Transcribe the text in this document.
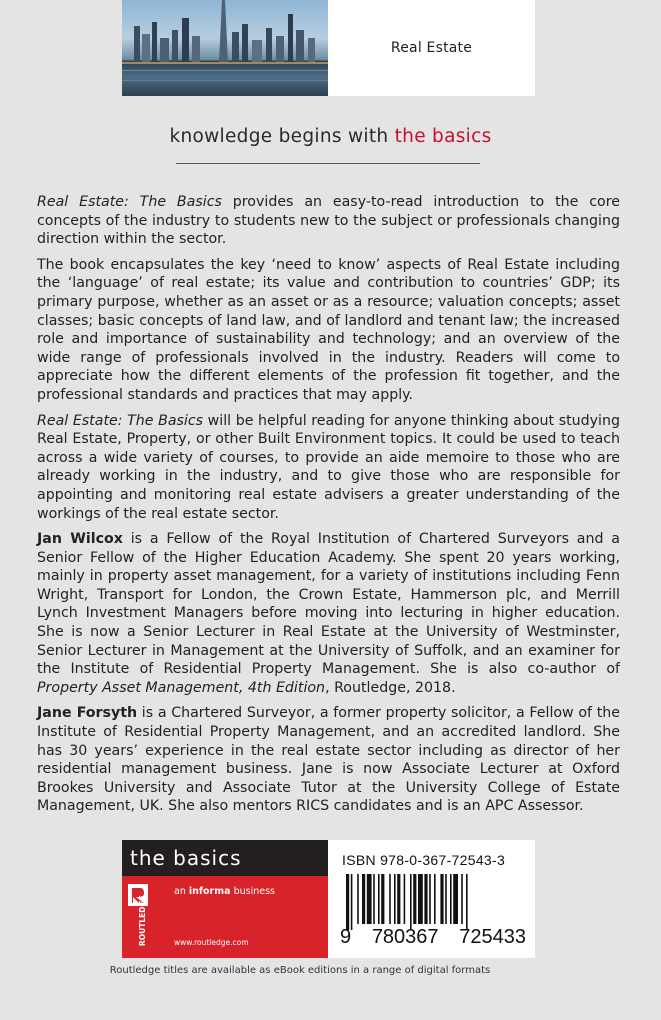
Real Estate
knowledge begins with the basics

Real Estate: The Basics provides an easy-to-read introduction to the core concepts of the industry to students new to the subject or professionals changing direction within the sector.

The book encapsulates the key ‘need to know’ aspects of Real Estate including the ‘language’ of real estate; its value and contribution to countries’ GDP; its primary purpose, whether as an asset or as a resource; valuation concepts; asset classes; basic concepts of land law, and of landlord and tenant law; the increased role and importance of sustainability and technology; and an overview of the wide range of professionals involved in the industry. Readers will come to appreciate how the different elements of the profession fit together, and the professional standards and practices that may apply.

Real Estate: The Basics will be helpful reading for anyone thinking about studying Real Estate, Property, or other Built Environment topics. It could be used to teach across a wide variety of courses, to provide an aide memoire to those who are already working in the industry, and to give those who are responsible for appointing and monitoring real estate advisers a greater understanding of the workings of the real estate sector.

Jan Wilcox is a Fellow of the Royal Institution of Chartered Surveyors and a Senior Fellow of the Higher Education Academy. She spent 20 years working, mainly in property asset management, for a variety of institutions including Fenn Wright, Transport for London, the Crown Estate, Hammerson plc, and Merrill Lynch Investment Managers before moving into lecturing in higher education. She is now a Senior Lecturer in Real Estate at the University of Westminster, Senior Lecturer in Management at the University of Suffolk, and an examiner for the Institute of Residential Property Management. She is also co-author of Property Asset Management, 4th Edition, Routledge, 2018.

Jane Forsyth is a Chartered Surveyor, a former property solicitor, a Fellow of the Institute of Residential Property Management, and an accredited landlord. She has 30 years’ experience in the real estate sector including as director of her residential management business. Jane is now Associate Lecturer at Oxford Brookes University and Associate Tutor at the University College of Estate Management, UK. She also mentors RICS candidates and is an APC Assessor.

the basics
ROUTLEDGE
an informa business
www.routledge.com
ISBN 978-0-367-72543-3
9 780367 725433
Routledge titles are available as eBook editions in a range of digital formats
